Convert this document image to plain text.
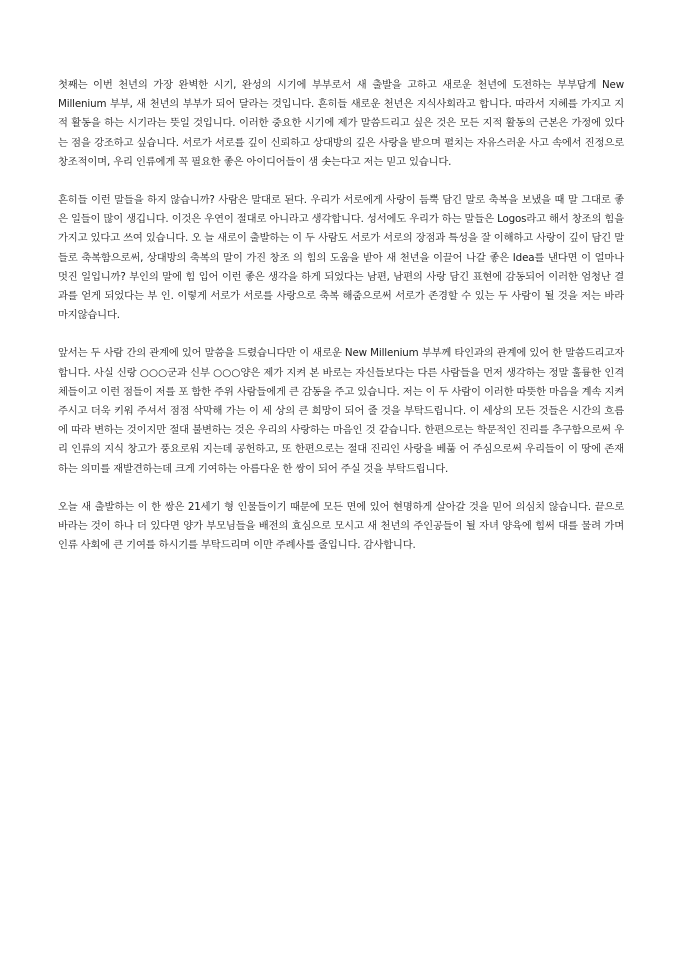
첫째는 이번 천년의 가장 완벽한 시기, 완성의 시기에 부부로서 새 출발을 고하고 새로운 천년에 도전하는 부부답게 New Millenium 부부, 새 천년의 부부가 되어 달라는 것입니다. 흔히들 새로운 천년은 지식사회라고 합니다. 따라서 지혜를 가지고 지적 활동을 하는 시기라는 뜻일 것입니다. 이러한 중요한 시기에 제가 말씀드리고 싶은 것은 모든 지적 활동의 근본은 가정에 있다는 점을 강조하고 싶습니다. 서로가 서로를 깊이 신뢰하고 상대방의 깊은 사랑을 받으며 펼치는 자유스러운 사고 속에서 진정으로 창조적이며, 우리 인류에게 꼭 필요한 좋은 아이디어들이 샘 솟는다고 저는 믿고 있습니다.

흔히들 이런 말들을 하지 않습니까? 사람은 말대로 된다. 우리가 서로에게 사랑이 듬뿍 담긴 말로 축복을 보냈을 때 말 그대로 좋은 일들이 많이 생깁니다. 이것은 우연이 절대로 아니라고 생각합니다. 성서에도 우리가 하는 말들은 Logos라고 해서 창조의 힘을 가지고 있다고 쓰여 있습니다. 오 늘 새로이 출발하는 이 두 사람도 서로가 서로의 장점과 특성을 잘 이해하고 사랑이 깊이 담긴 말들로 축복함으로써, 상대방의 축복의 말이 가진 창조 의 힘의 도움을 받아 새 천년을 이끌어 나갈 좋은 Idea를 낸다면 이 얼마나 멋진 일입니까? 부인의 말에 힘 입어 이런 좋은 생각을 하게 되었다는 남편, 남편의 사랑 담긴 표현에 감동되어 이러한 엄청난 결과를 얻게 되었다는 부 인. 이렇게 서로가 서로를 사랑으로 축복 해줌으로써 서로가 존경할 수 있는 두 사람이 될 것을 저는 바라 마지않습니다.

앞서는 두 사람 간의 관계에 있어 말씀을 드렸습니다만 이 새로운 New Millenium 부부께 타인과의 관계에 있어 한 말씀드리고자 합니다. 사실 신랑 ○○○군과 신부 ○○○양은 제가 지켜 본 바로는 자신들보다는 다른 사람들을 먼저 생각하는 정말 훌륭한 인격체들이고 이런 점들이 저를 포 함한 주위 사람들에게 큰 감동을 주고 있습니다. 저는 이 두 사람이 이러한 따뜻한 마음을 계속 지켜 주시고 더욱 키워 주셔서 점점 삭막해 가는 이 세 상의 큰 희망이 되어 줄 것을 부탁드립니다. 이 세상의 모든 것들은 시간의 흐름에 따라 변하는 것이지만 절대 불변하는 것은 우리의 사랑하는 마음인 것 같습니다. 한편으로는 학문적인 진리를 추구함으로써 우리 인류의 지식 창고가 풍요로워 지는데 공헌하고, 또 한편으로는 절대 진리인 사랑을 베풂 어 주심으로써 우리들이 이 땅에 존재하는 의미를 재발견하는데 크게 기여하는 아름다운 한 쌍이 되어 주실 것을 부탁드립니다.

오늘 새 출발하는 이 한 쌍은 21세기 형 인물들이기 때문에 모든 면에 있어 현명하게 살아갈 것을 믿어 의심치 않습니다. 끝으로 바라는 것이 하나 더 있다면 양가 부모님들을 배전의 효심으로 모시고 새 천년의 주인공들이 될 자녀 양육에 힘써 대를 물려 가며 인류 사회에 큰 기여를 하시기를 부탁드리며 이만 주례사를 줄입니다. 감사합니다.
